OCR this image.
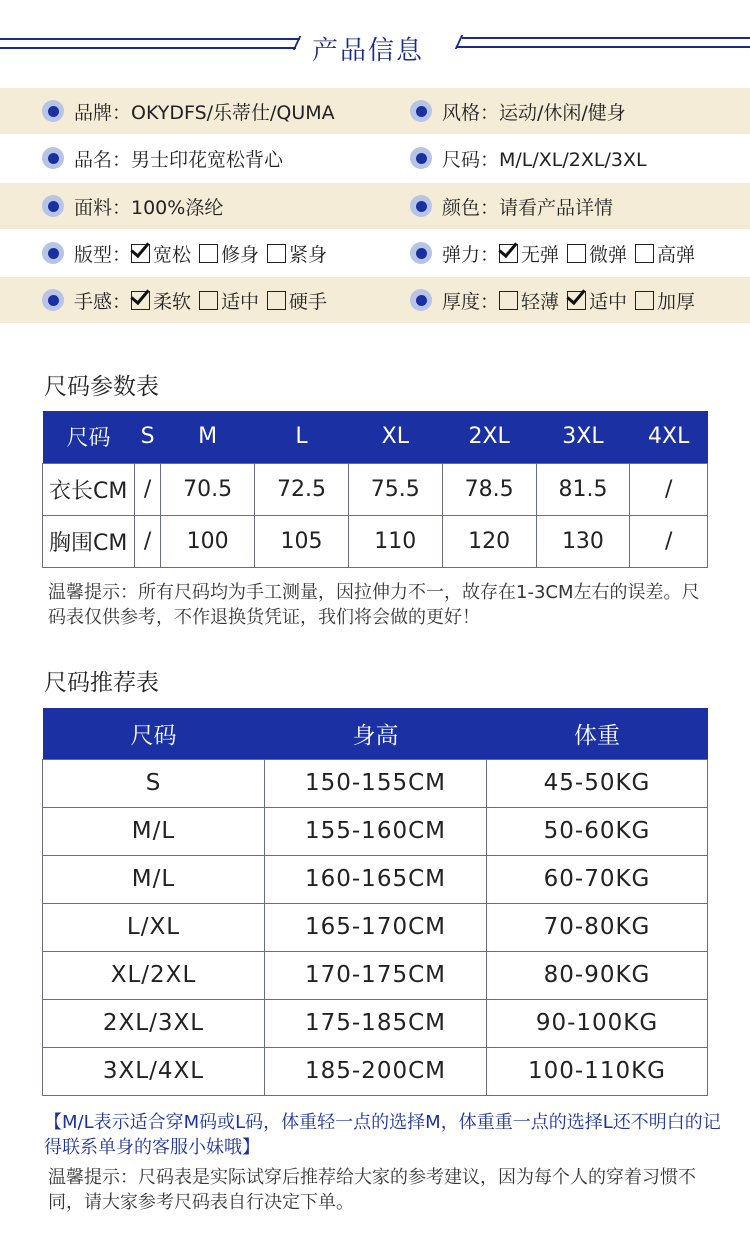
产品信息
品牌：OKYDFS/乐蒂仕/QUMA	风格：运动/休闲/健身
品名：男士印花宽松背心	尺码：M/L/XL/2XL/3XL
面料：100%涤纶	颜色：请看产品详情
版型： 宽松 修身 紧身	弹力： 无弹 微弹 高弹
手感： 柔软 适中 硬手	厚度： 轻薄 适中 加厚
尺码参数表
尺码	S	M	L	XL	2XL	3XL	4XL
衣长CM	/	70.5	72.5	75.5	78.5	81.5	/
胸围CM	/	100	105	110	120	130	/
温馨提示：所有尺码均为手工测量，因拉伸力不一，故存在1-3CM左右的误差。尺码表仅供参考，不作退换货凭证，我们将会做的更好！
尺码推荐表
尺码	身高	体重
S	150-155CM	45-50KG
M/L	155-160CM	50-60KG
M/L	160-165CM	60-70KG
L/XL	165-170CM	70-80KG
XL/2XL	170-175CM	80-90KG
2XL/3XL	175-185CM	90-100KG
3XL/4XL	185-200CM	100-110KG
【M/L表示适合穿M码或L码，体重轻一点的选择M，体重重一点的选择L还不明白的记得联系单身的客服小妹哦】
温馨提示：尺码表是实际试穿后推荐给大家的参考建议，因为每个人的穿着习惯不同，请大家参考尺码表自行决定下单。
